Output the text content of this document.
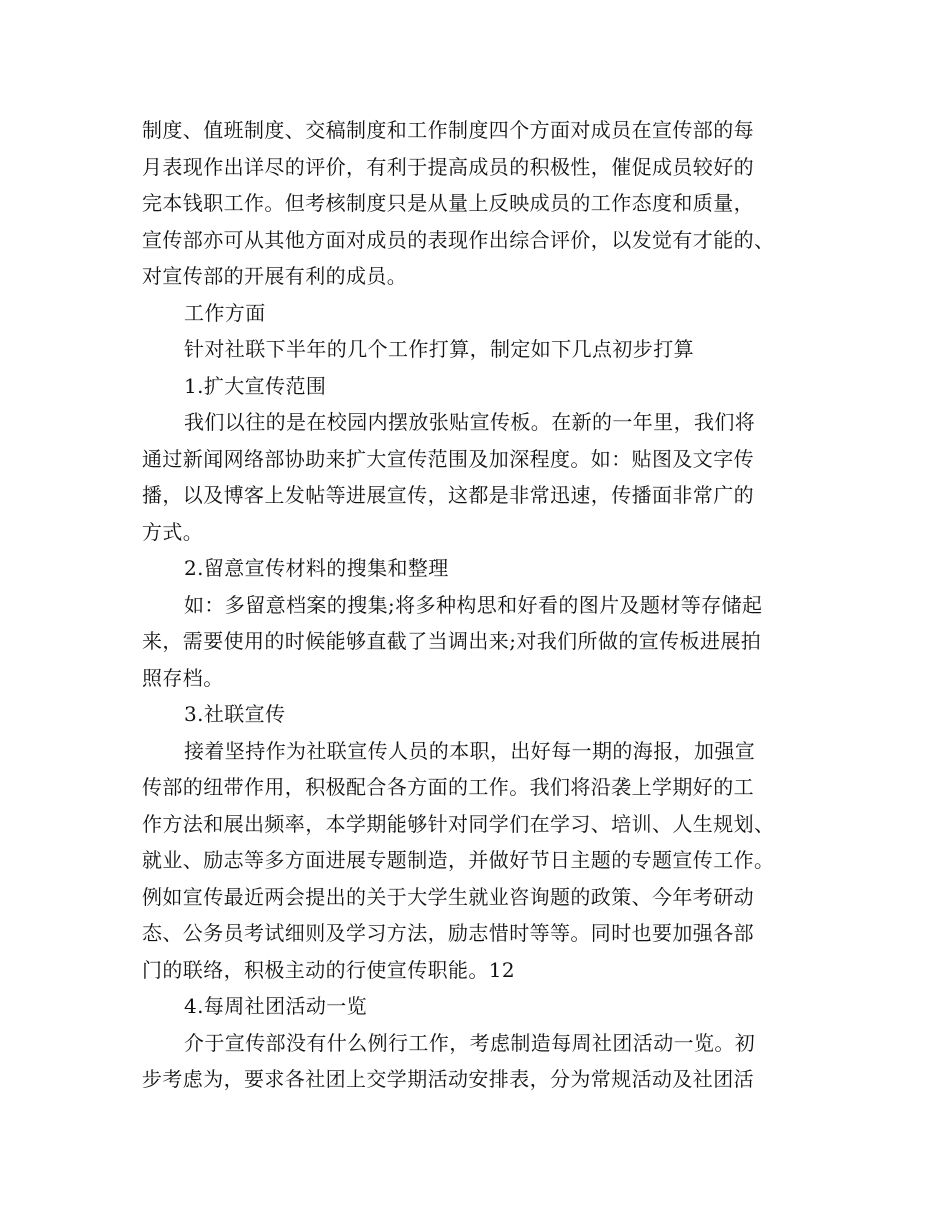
制度、值班制度、交稿制度和工作制度四个方面对成员在宣传部的每
月表现作出详尽的评价，有利于提高成员的积极性，催促成员较好的
完本钱职工作。但考核制度只是从量上反映成员的工作态度和质量，
宣传部亦可从其他方面对成员的表现作出综合评价，以发觉有才能的、
对宣传部的开展有利的成员。
工作方面
针对社联下半年的几个工作打算，制定如下几点初步打算
1.扩大宣传范围
我们以往的是在校园内摆放张贴宣传板。在新的一年里，我们将
通过新闻网络部协助来扩大宣传范围及加深程度。如：贴图及文字传
播，以及博客上发帖等进展宣传，这都是非常迅速，传播面非常广的
方式。
2.留意宣传材料的搜集和整理
如：多留意档案的搜集;将多种构思和好看的图片及题材等存储起
来，需要使用的时候能够直截了当调出来;对我们所做的宣传板进展拍
照存档。
3.社联宣传
接着坚持作为社联宣传人员的本职，出好每一期的海报，加强宣
传部的纽带作用，积极配合各方面的工作。我们将沿袭上学期好的工
作方法和展出频率，本学期能够针对同学们在学习、培训、人生规划、
就业、励志等多方面进展专题制造，并做好节日主题的专题宣传工作。
例如宣传最近两会提出的关于大学生就业咨询题的政策、今年考研动
态、公务员考试细则及学习方法，励志惜时等等。同时也要加强各部
门的联络，积极主动的行使宣传职能。12
4.每周社团活动一览
介于宣传部没有什么例行工作，考虑制造每周社团活动一览。初
步考虑为，要求各社团上交学期活动安排表，分为常规活动及社团活
